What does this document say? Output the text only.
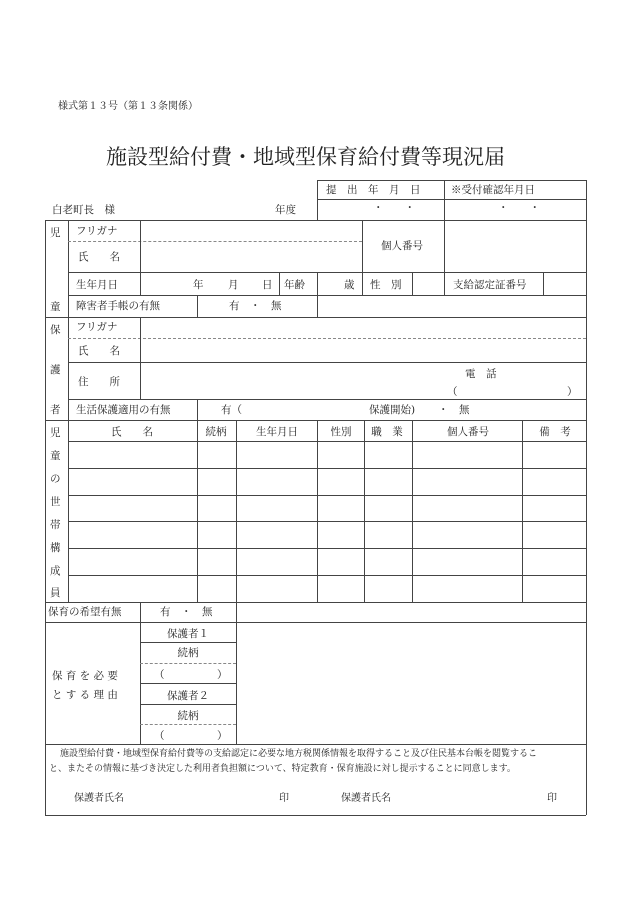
様式第１３号（第１３条関係）
施設型給付費・地域型保育給付費等現況届
提　出　年　月　日	※受付確認年月日
白老町長　様	年度	・　　・	・　　・
児
童
フリガナ
氏　　名
個人番号
生年月日	年 月 日 年齢	歳 性　別	支給認定証番号
障害者手帳の有無	有　・　無
保
護
者
フリガナ
氏　　名
住　　所
電　話
（	）
生活保護適用の有無	有（	保護開始) ・　無
児
童
の
世
帯
構
成
員
氏　　名	続柄	生年月日	性別 職　業	個人番号	備　考
保育の希望有無	有　・　無
保 育 を 必 要
と す る 理 由
保護者１
続柄
（　　　　　）
保護者２
続柄
（　　　　　）
施設型給付費・地域型保育給付費等の支給認定に必要な地方税関係情報を取得すること及び住民基本台帳を閲覧するこ
と、またその情報に基づき決定した利用者負担額について、特定教育・保育施設に対し提示することに同意します。
保護者氏名	印	保護者氏名	印
